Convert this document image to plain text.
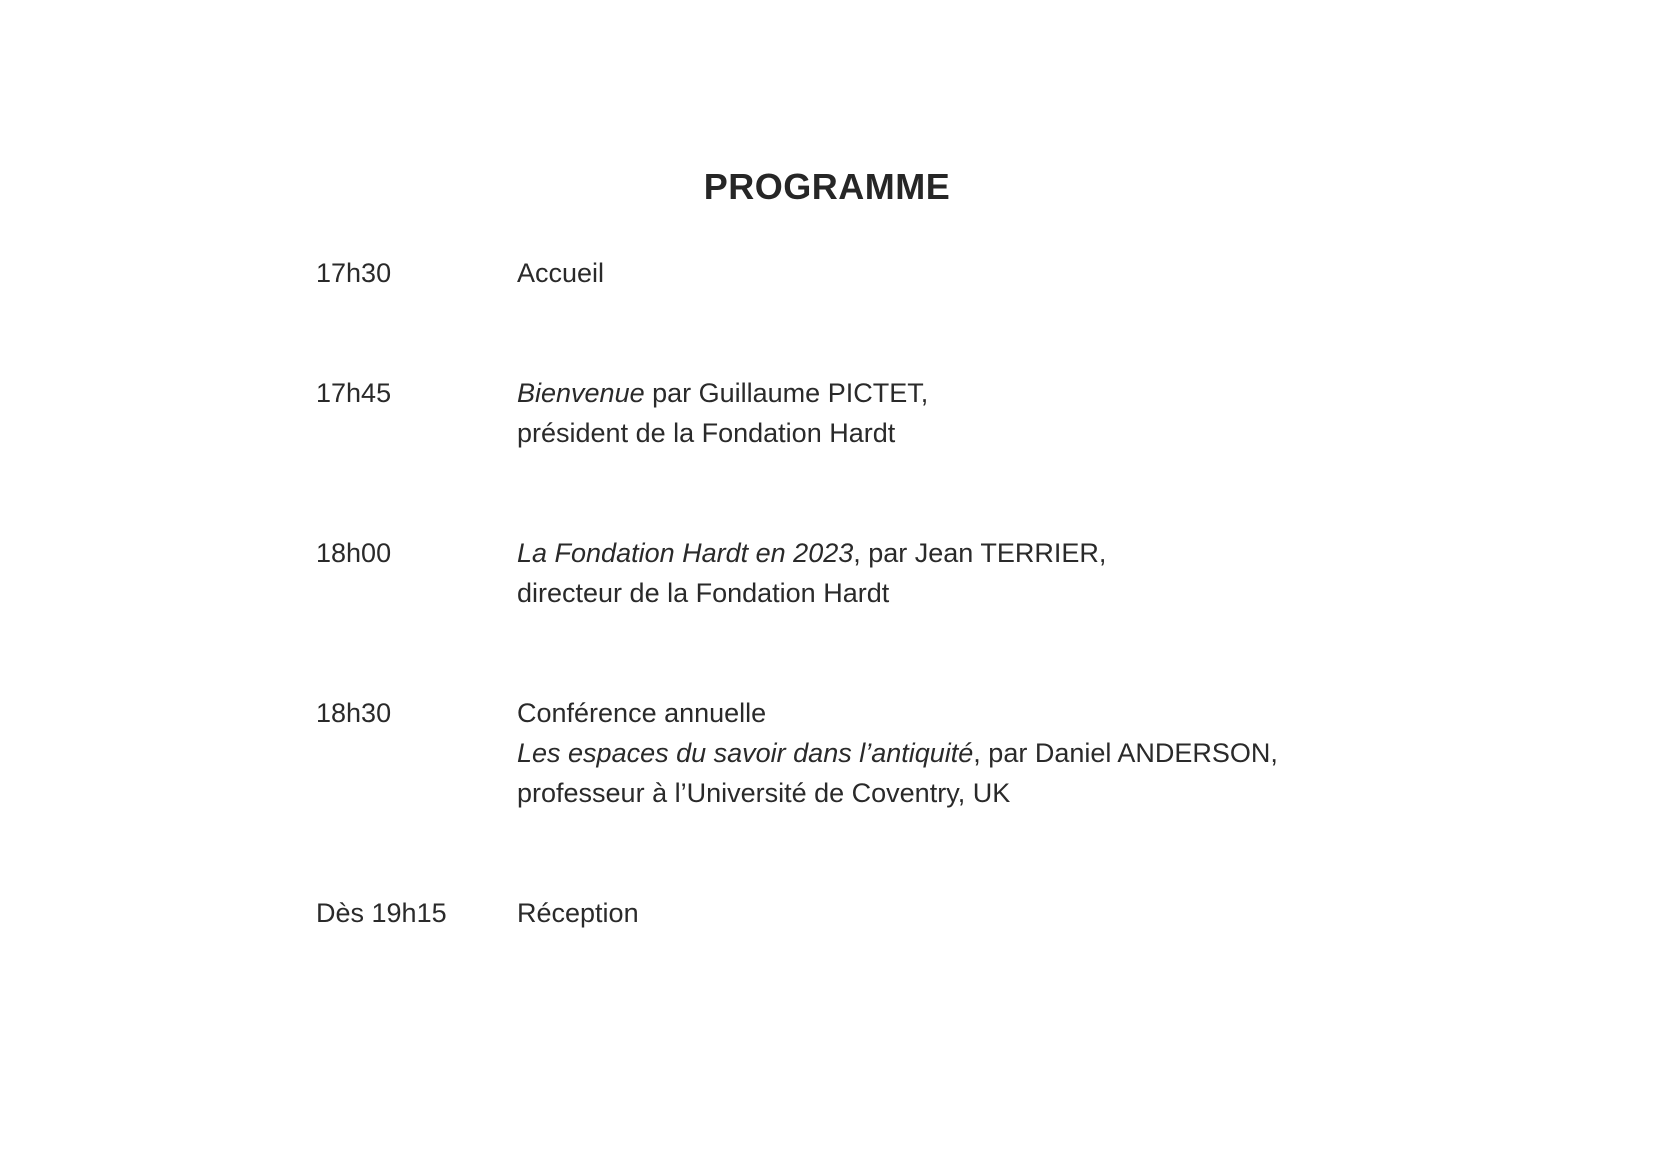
PROGRAMME
17h30	Accueil
17h45	Bienvenue par Guillaume PICTET,
président de la Fondation Hardt
18h00	La Fondation Hardt en 2023, par Jean TERRIER,
directeur de la Fondation Hardt
18h30	Conférence annuelle
Les espaces du savoir dans l’antiquité, par Daniel ANDERSON,
professeur à l’Université de Coventry, UK
Dès 19h15	Réception
